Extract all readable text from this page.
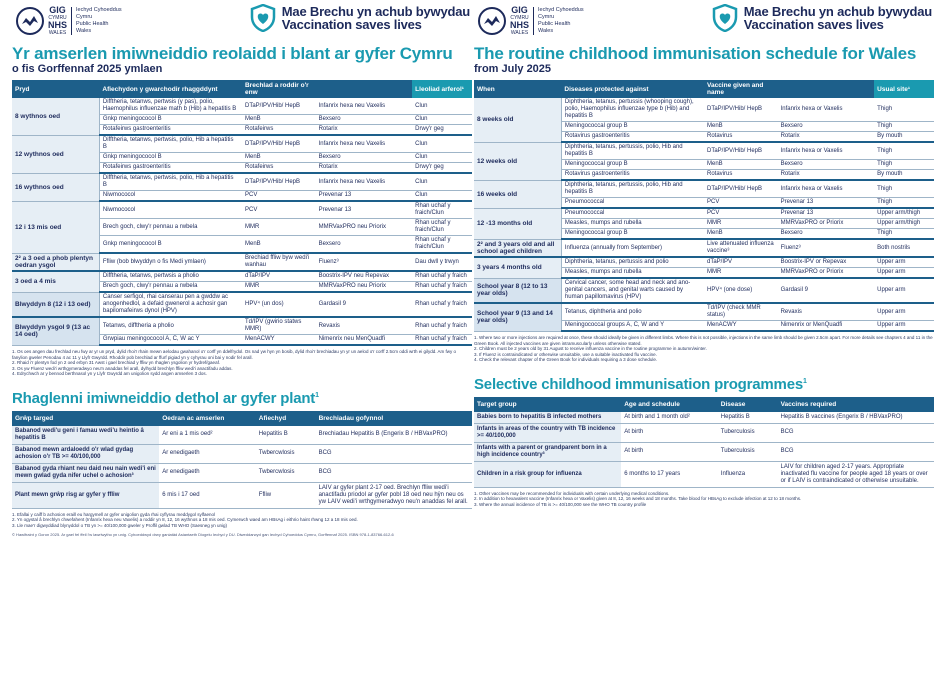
GIG
CYMRU
NHS
WALES
Iechyd Cyhoeddus
Cymru
Public Health
Wales
Mae Brechu yn achub bywydau
Vaccination saves lives
Yr amserlen imiwneiddio reolaidd i blant ar gyfer Cymru
o fis Gorffennaf 2025 ymlaen
Pryd	Afiechydon y gwarchodir rhaggddynt	Brechlad a roddir o'r enw		Lleoliad arferol¹
8 wythnos oed	Difftheria, tetanws, pertwsis (y pas), polio, Haemophilus influenzae math b (Hib) a hepatitis B	DTaP/IPV/Hib/ HepB	Infanrix hexa neu Vaxelis	Clun
	Gnkp meningococol B	MenB	Bexsero	Clun
	Rotafeirws gastroenteritis	Rotafeirws	Rotarix	Drwy'r geg
12 wythnos oed	Difftheria, tetanws, pertwsis, polio, Hib a hepatitis B	DTaP/IPV/Hib/ HepB	Infanrix hexa neu Vaxelis	Clun
	Gnkp meningococol B	MenB	Bexsero	Clun
	Rotafeirws gastroenteritis	Rotafeirws	Rotarix	Drwy'r geg
16 wythnos oed	Difftheria, tetanws, pertwsis, polio, Hib a hepatitis B	DTaP/IPV/Hib/ HepB	Infanrix hexa neu Vaxelis	Clun
	Niwmococol	PCV	Prevenar 13	Clun
12 i 13 mis oed	Niwmococol	PCV	Prevenar 13	Rhan uchaf y fraich/Clun
	Brech goch, clwy'r pennau a rwbela	MMR	MMRVaxPRO neu Priorix	Rhan uchaf y fraich/Clun
	Gnkp meningococol B	MenB	Bexsero	Rhan uchaf y fraich/Clun
2² a 3 oed a phob plentyn oedran ysgol	Ffliw (bob blwyddyn o fis Medi ymlaen)	Brechiad ffliw byw wedi'i wanhau	Fluenz³	Dau dwll y trwyn
3 oed a 4 mis	Difftheria, tetanws, pertwsis a pholio	dTaP/IPV	Boostrix-IPV neu Repevax	Rhan uchaf y fraich
	Brech goch, clwy'r pennau a rwbela	MMR	MMRVaxPRO neu Priorix	Rhan uchaf y fraich
Blwyddyn 8 (12 i 13 oed)	Canser serfigol, rhai canserau pen a gwddw ac anogenhedlol, a defaid gwenerol a achosir gan bapilomafeirws dynol (HPV)	HPV⁴ (un dos)	Gardasil 9	Rhan uchaf y fraich
Blwyddyn ysgol 9 (13 ac 14 oed)	Tetanws, difftheria a pholio	Td/IPV (gwirio statws MMR)	Revaxis	Rhan uchaf y fraich
	Grwpiau meningococol A, C, W ac Y	MenACWY	Nimenrix neu MenQuadfi	Rhan uchaf y fraich
1. Os oes angen dau frechlad neu fwy ar yr un pryd, dylid rhoi'r rhain mewn aelodau gwahanol o'r corff yn ddelfrydol. Os nad yw hyn yn bosib, dylid rhoi'r brechiadau yn yr un aelod o'r corff 2.5cm oddi wrth ei gilydd. Am fwy o fanylion gweler Penodau 4 ac 11 y Llyfr Gwyrdd. Rhoddir pob brechlad ar ffurf pigiad yn y cyhyrau oni bai y nodir fel arall.
2. Rhaid i'r plentyn fod yn 2 oed erbyn 31 Awst i gael brechiad y ffliw yn rhaglen ysgolion yr hydref/gaeaf.
3. Os yw Fluenz wedi'i wrthgymeradwyo neu'n anaddas fel arall, dylhydd brechlyn ffliw wedi'i anactifadu addas.
4. Edrychwch ar y bennod berthnasol yn y Llyfr Gwyrdd am unigolion sydd angen amserlen 3 dos.
Rhaglenni imiwneiddio dethol ar gyfer plant$^1$
Grŵp targed	Oedran ac amserlen	Afiechyd	Brechiadau gofynnol
Babanod wedi'u geni i famau wedi'u heintio â hepatitis B	Ar eni a 1 mis oed²	Hepatitis B	Brechiadau Hepatitis B (Engerix B / HBVaxPRO)
Babanod mewn ardaloedd o'r wlad gydag achosion o'r TB >= 40/100,000	Ar enedigaeth	Twbercwlosis	BCG
Babanod gyda rhiant neu daid neu nain wedi'i eni mewn gwlad gyda nifer uchel o achosion³	Ar enedigaeth	Twbercwlosis	BCG
Plant mewn grŵp risg ar gyfer y ffliw	6 mis i 17 oed	Ffliw	LAIV ar gyfer plant 2-17 oed. Brechlyn ffliw wedi'i anactifadu priodol ar gyfer pobl 18 oed neu hŷn neu os yw LAIV wedi'i wrthgymeradwyo neu'n anaddas fel arall.
1. Efallai y caiff b achosion eraill eu hargymell ar gyfer unigolion gyda rhai cyflyrau meddygol sylfaenol
2. Yn ogystal â brechlyn chwefahent (Infanrix hexa neu Vaxelis) a roddir yn 8, 12, 16 wythnos a 18 mis oed. Cymerwch waed am HBsAg i eithrio haint rhwng 12 a 18 mis oed.
3. Lle mae'r digwyddiad blynyddol o TB yn >= 40/100,000 gweler y Proffil gwlad TB WHO (Saesneg yn unig)
© Hawlfraint y Goron 2025. Ar gael fel ffeil i'w lawrlwytho yn unig. Cyhoeddwyd drwy ganiatâd Asiantaeth Diogelu Iechyd y DU. Diweddarwyd gan Iechyd Cyhoeddus Cymru, Gorffennaf 2025. ISBN 978-1-83766-612-6
GIG
CYMRU
NHS
WALES
Iechyd Cyhoeddus
Cymru
Public Health
Wales
Mae Brechu yn achub bywydau
Vaccination saves lives
The routine childhood immunisation schedule for Wales
from July 2025
When	Diseases protected against	Vaccine given and name		Usual site¹
8 weeks old	Diphtheria, tetanus, pertussis (whooping cough), polio, Haemophilus influenzae type b (Hib) and hepatitis B	DTaP/IPV/Hib/ HepB	Infanrix hexa or Vaxelis	Thigh
	Meningococcal group B	MenB	Bexsero	Thigh
	Rotavirus gastroenteritis	Rotavirus	Rotarix	By mouth
12 weeks old	Diphtheria, tetanus, pertussis, polio, Hib and hepatitis B	DTaP/IPV/Hib/ HepB	Infanrix hexa or Vaxelis	Thigh
	Meningococcal group B	MenB	Bexsero	Thigh
	Rotavirus gastroenteritis	Rotavirus	Rotarix	By mouth
16 weeks old	Diphtheria, tetanus, pertussis, polio, Hib and hepatitis B	DTaP/IPV/Hib/ HepB	Infanrix hexa or Vaxelis	Thigh
	Pneumococcal	PCV	Prevenar 13	Thigh
12 -13 months old	Pneumococcal	PCV	Prevenar 13	Upper arm/thigh
	Measles, mumps and rubella	MMR	MMRVaxPRO or Priorix	Upper arm/thigh
	Meningococcal group B	MenB	Bexsero	Thigh
2² and 3 years old and all school aged children	Influenza (annually from September)	Live attenuated influenza vaccine³	Fluenz³	Both nostrils
3 years 4 months old	Diphtheria, tetanus, pertussis and polio	dTaP/IPV	Boostrix-IPV or Repevax	Upper arm
	Measles, mumps and rubella	MMR	MMRVaxPRO or Priorix	Upper arm
School year 8 (12 to 13 year olds)	Cervical cancer, some head and neck and ano-genital cancers, and genital warts caused by human papillomavirus (HPV)	HPV⁴ (one dose)	Gardasil 9	Upper arm
School year 9 (13 and 14 year olds)	Tetanus, diphtheria and polio	Td/IPV (check MMR status)	Revaxis	Upper arm
	Meningococcal groups A, C, W and Y	MenACWY	Nimenrix or MenQuadfi	Upper arm
1. Where two or more injections are required at once, these should ideally be given in different limbs. Where this is not possible, injections in the same limb should be given 2.5cm apart. For more details see chapters 4 and 11 in the Green Book. All injected vaccines are given intramuscularly unless otherwise stated.
2. Children must be 2 years old by 31 August to receive influenza vaccine in the routine programme in autumn/winter.
3. If Fluenz is contraindicated or otherwise unsuitable, use a suitable inactivated flu vaccine.
4. Check the relevant chapter of the Green Book for individuals requiring a 3 dose schedule.
Selective childhood immunisation programmes$^1$
Target group	Age and schedule	Disease	Vaccines required
Babies born to hepatitis B infected mothers	At birth and 1 month old²	Hepatitis B	Hepatitis B vaccines (Engerix B / HBVaxPRO)
Infants in areas of the country with TB incidence >= 40/100,000	At birth	Tuberculosis	BCG
Infants with a parent or grandparent born in a high incidence country³	At birth	Tuberculosis	BCG
Children in a risk group for influenza	6 months to 17 years	Influenza	LAIV for children aged 2-17 years. Appropriate inactivated flu vaccine for people aged 18 years or over or if LAIV is contraindicated or otherwise unsuitable.
1. Other vaccines may be recommended for individuals with certain underlying medical conditions.
2. In addition to hexavalent vaccine (Infanrix hexa or Vaxelis) given at 8, 12, 16 weeks and 18 months. Take blood for HBsAg to exclude infection at 12 to 18 months.
3. Where the annual incidence of TB is >= 40/100,000 see the WHO TB country profile
